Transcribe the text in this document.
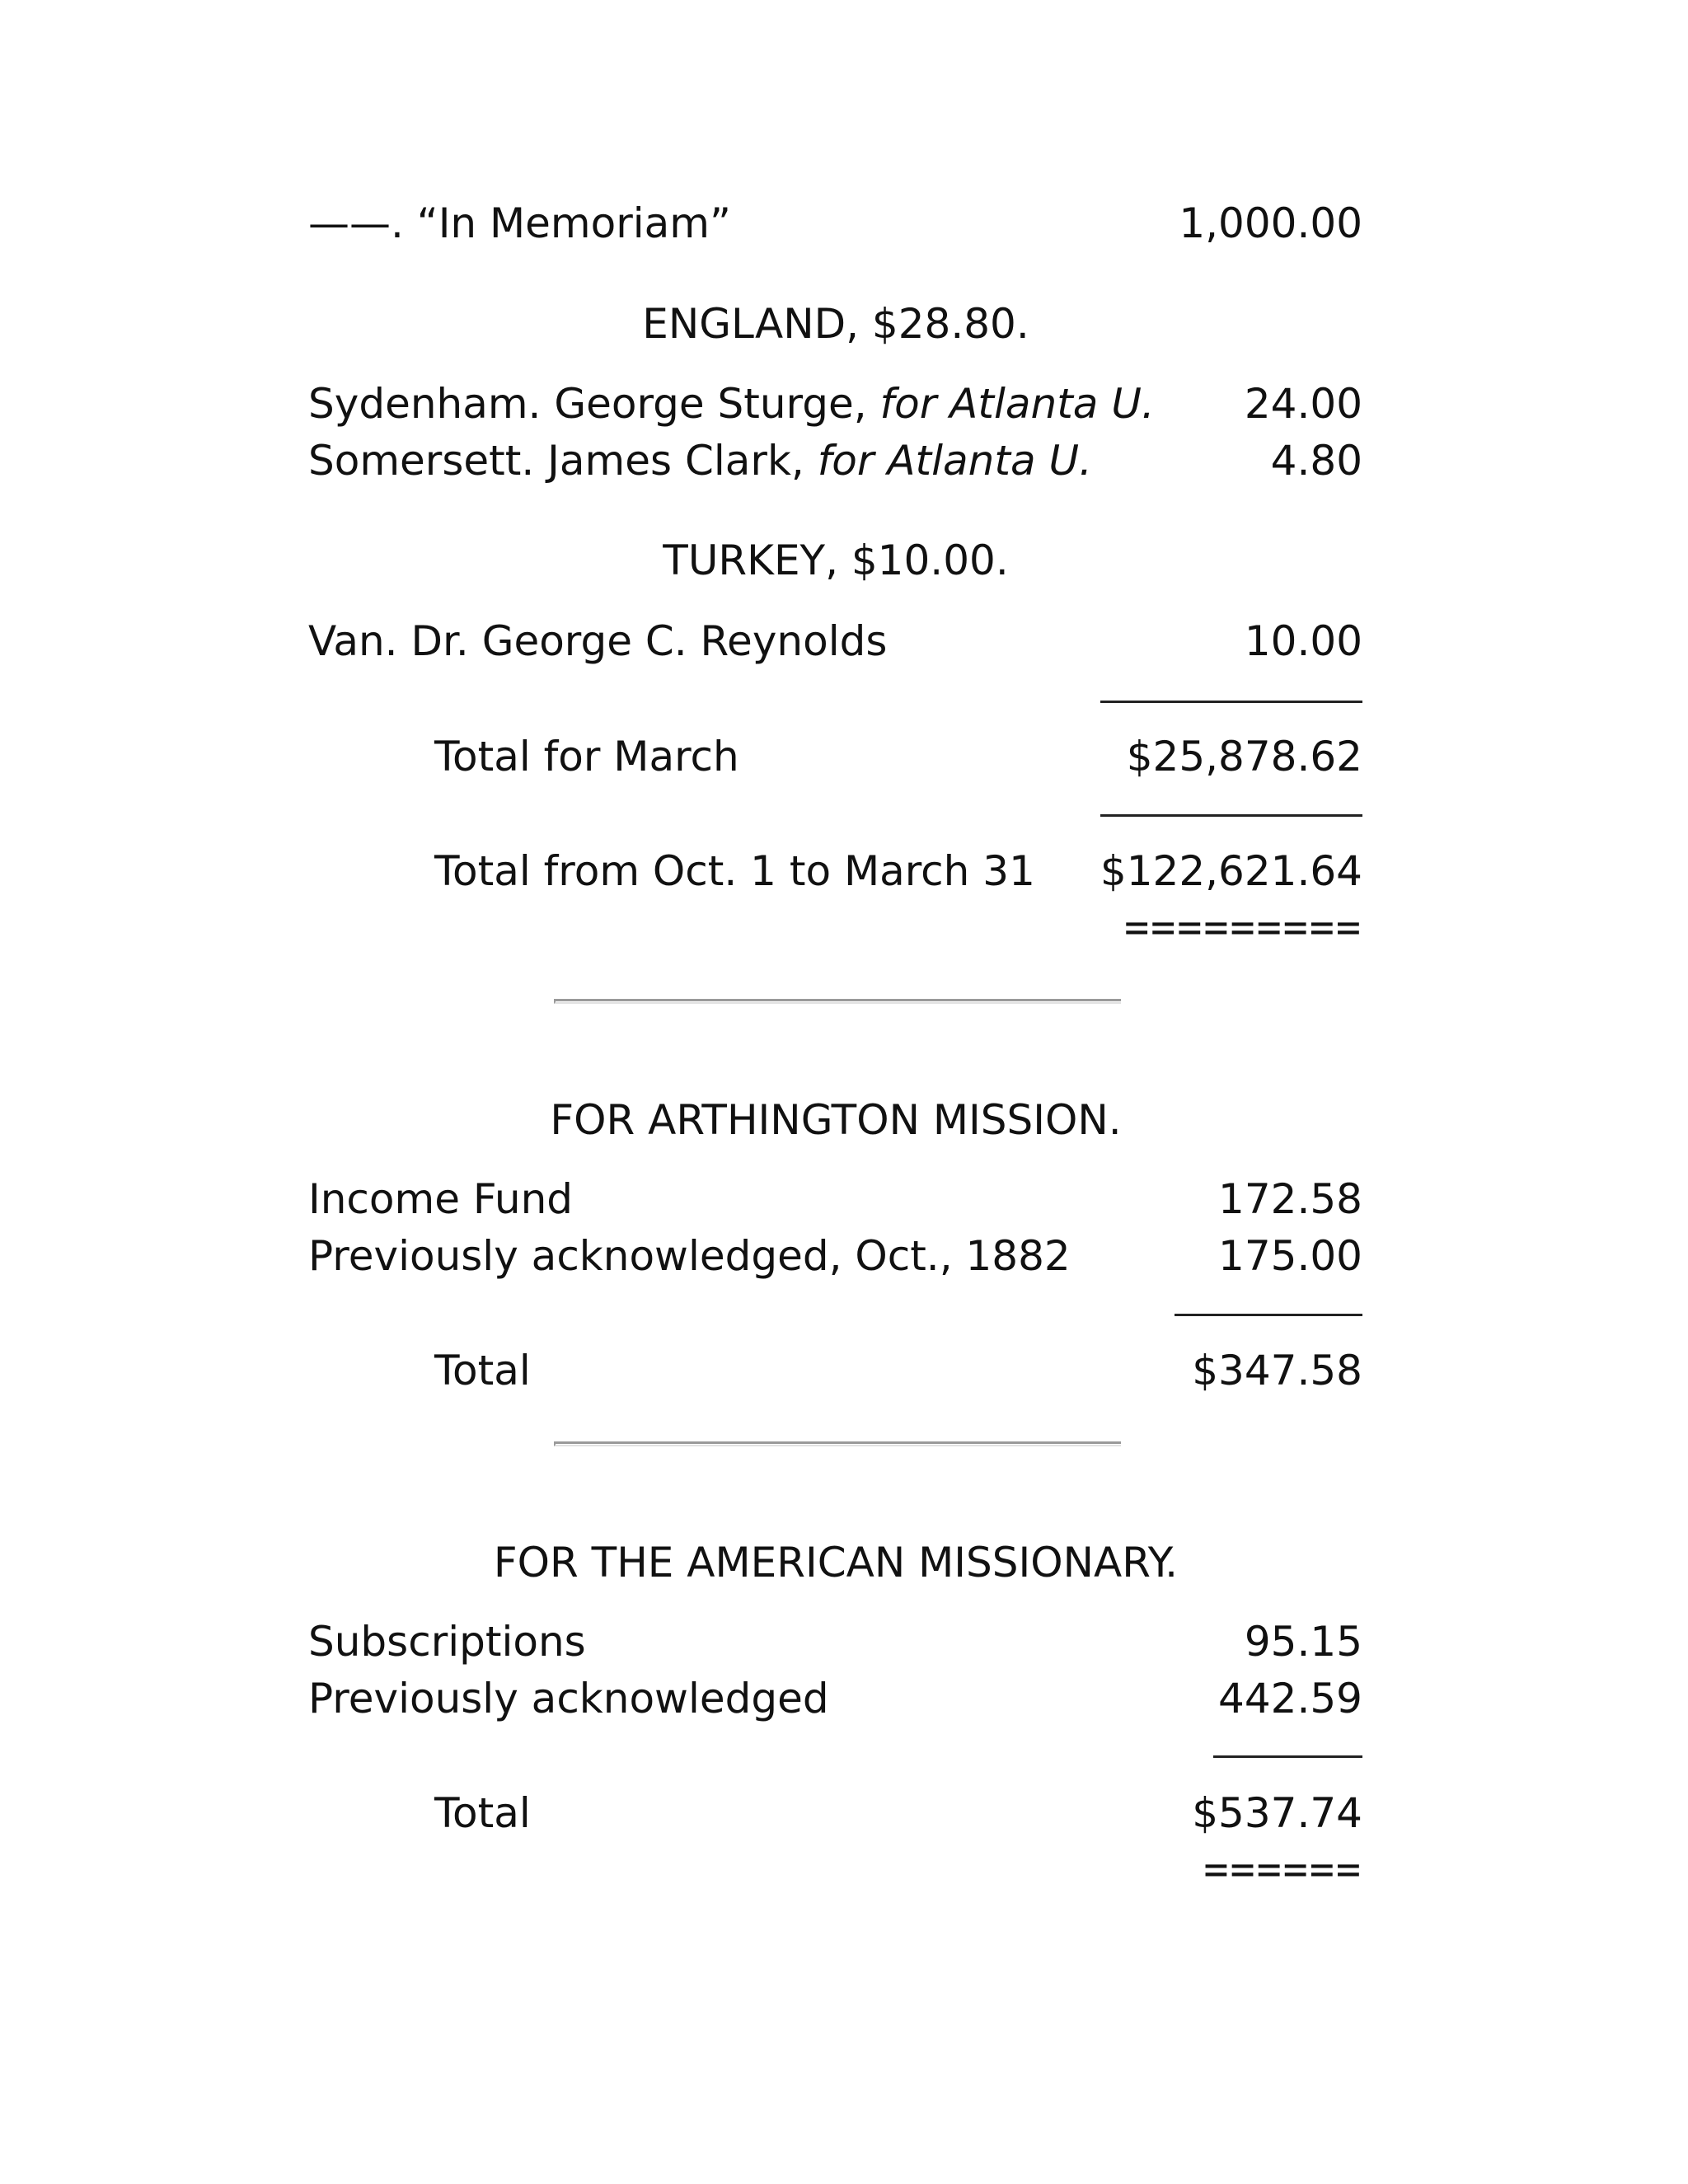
——. “In Memoriam”	1,000.00
ENGLAND, $28.80.
Sydenham. George Sturge, for Atlanta U. 24.00
Somersett. James Clark, for Atlanta U.	4.80
TURKEY, $10.00.
Van. Dr. George C. Reynolds	10.00
Total for March	$25,878.62
Total from Oct. 1 to March 31 $122,621.64
=========
FOR ARTHINGTON MISSION.
Income Fund	172.58
Previously acknowledged, Oct., 1882	175.00
Total	$347.58
FOR THE AMERICAN MISSIONARY.
Subscriptions	95.15
Previously acknowledged	442.59
Total	$537.74
======
